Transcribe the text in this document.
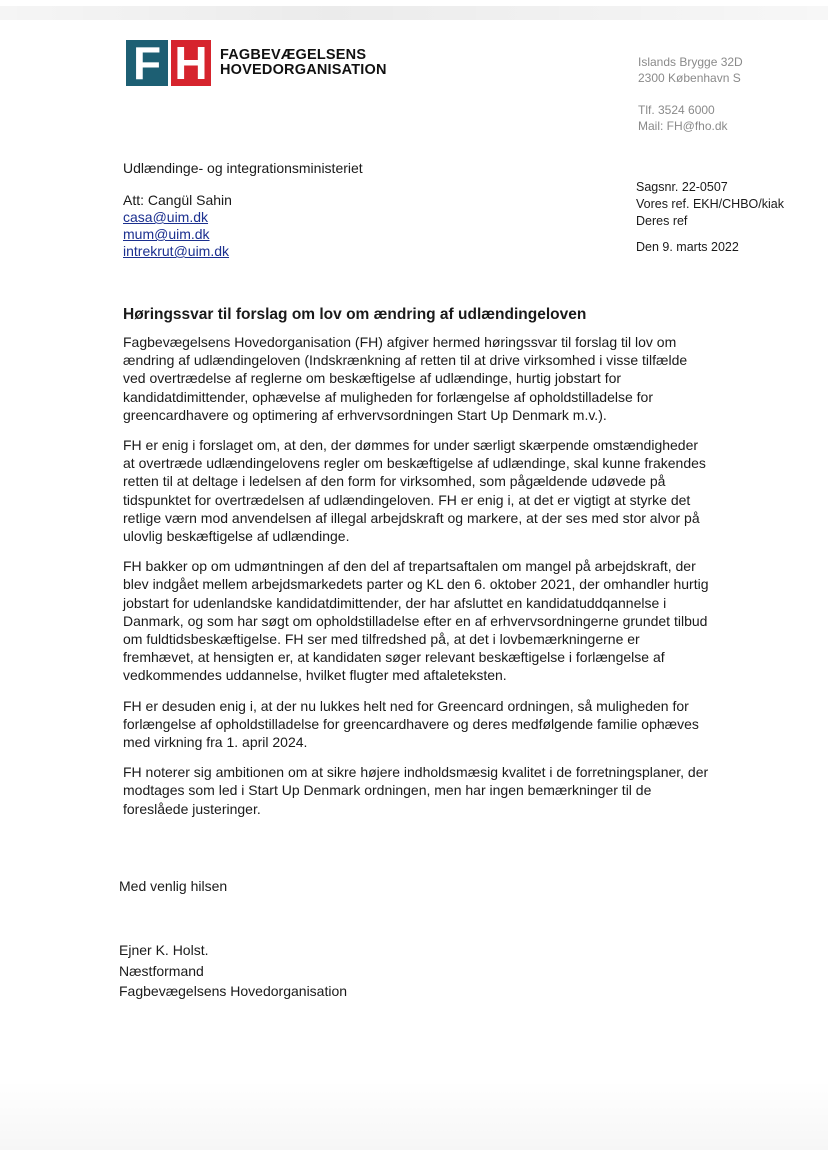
F H FAGBEVÆGELSENS
HOVEDORGANISATION	Islands Brygge 32D
2300 København S
Tlf. 3524 6000
Mail: FH@fho.dk
Udlændinge- og integrationsministeriet
Att: Cangül Sahin
casa@uim.dk
mum@uim.dk
intrekrut@uim.dk
Sagsnr. 22-0507
Vores ref. EKH/CHBO/kiak
Deres ref
Den 9. marts 2022
Høringssvar til forslag om lov om ændring af udlændingeloven

Fagbevægelsens Hovedorganisation (FH) afgiver hermed høringssvar til forslag til lov om ændring af udlændingeloven (Indskrænkning af retten til at drive virksomhed i visse tilfælde ved overtrædelse af reglerne om beskæftigelse af udlændinge, hurtig jobstart for kandidatdimittender, ophævelse af muligheden for forlængelse af opholdstilladelse for greencardhavere og optimering af erhvervsordningen Start Up Denmark m.v.).

FH er enig i forslaget om, at den, der dømmes for under særligt skærpende omstændigheder at overtræde udlændingelovens regler om beskæftigelse af udlændinge, skal kunne frakendes retten til at deltage i ledelsen af den form for virksomhed, som pågældende udøvede på tidspunktet for overtrædelsen af udlændingeloven. FH er enig i, at det er vigtigt at styrke det retlige værn mod anvendelsen af illegal arbejdskraft og markere, at der ses med stor alvor på ulovlig beskæftigelse af udlændinge.

FH bakker op om udmøntningen af den del af trepartsaftalen om mangel på arbejdskraft, der blev indgået mellem arbejdsmarkedets parter og KL den 6. oktober 2021, der omhandler hurtig jobstart for udenlandske kandidatdimittender, der har afsluttet en kandidatuddqannelse i Danmark, og som har søgt om opholdstilladelse efter en af erhvervsordningerne grundet tilbud om fuldtidsbeskæftigelse. FH ser med tilfredshed på, at det i lovbemærkningerne er fremhævet, at hensigten er, at kandidaten søger relevant beskæftigelse i forlængelse af vedkommendes uddannelse, hvilket flugter med aftaleteksten.

FH er desuden enig i, at der nu lukkes helt ned for Greencard ordningen, så muligheden for forlængelse af opholdstilladelse for greencardhavere og deres medfølgende familie ophæves med virkning fra 1. april 2024.

FH noterer sig ambitionen om at sikre højere indholdsmæsig kvalitet i de forretningsplaner, der modtages som led i Start Up Denmark ordningen, men har ingen bemærkninger til de foreslåede justeringer.

Med venlig hilsen
Ejner K. Holst.
Næstformand
Fagbevægelsens Hovedorganisation
